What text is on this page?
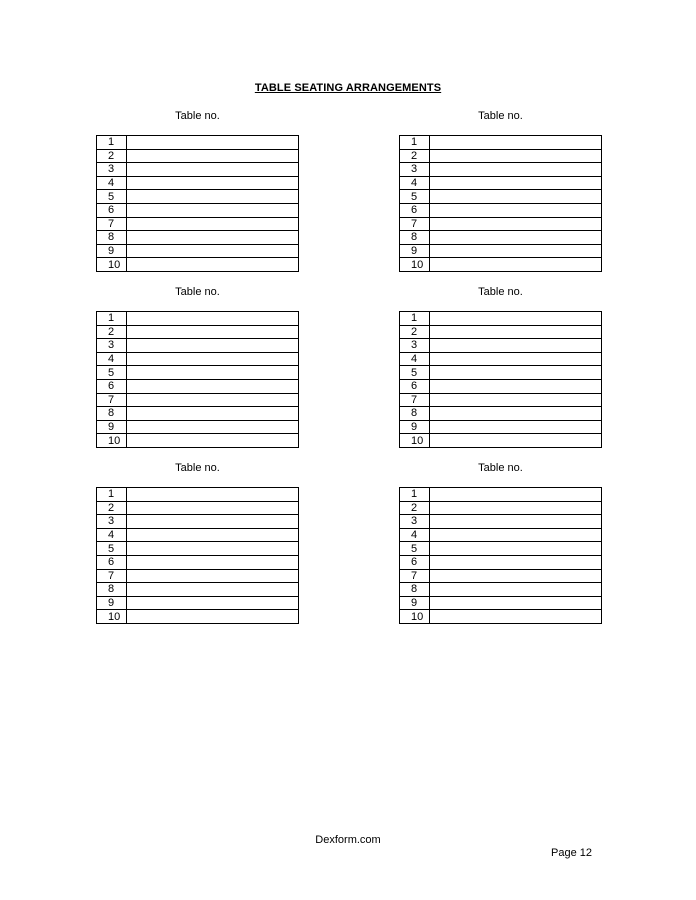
TABLE SEATING ARRANGEMENTS
Table no.
1	
2	
3	
4	
5	
6	
7	
8	
9	
10	
Table no.
1	
2	
3	
4	
5	
6	
7	
8	
9	
10	
Table no.
1	
2	
3	
4	
5	
6	
7	
8	
9	
10	
Table no.
1	
2	
3	
4	
5	
6	
7	
8	
9	
10	
Table no.
1	
2	
3	
4	
5	
6	
7	
8	
9	
10	
Table no.
1	
2	
3	
4	
5	
6	
7	
8	
9	
10	
Dexform.com
Page 12
